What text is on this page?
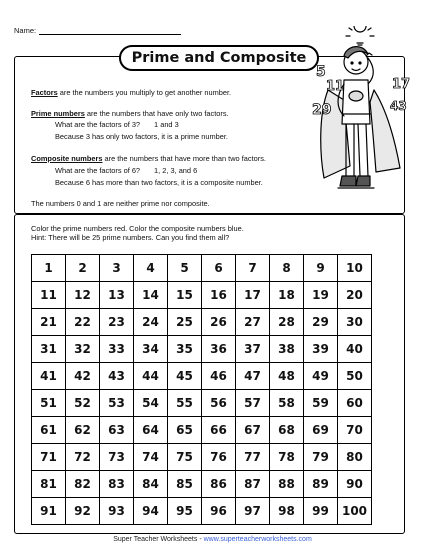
Name:
Prime and Composite
Factors are the numbers you multiply to get another number.
Prime numbers are the numbers that have only two factors.
What are the factors of 3? 1 and 3
Because 3 has only two factors, it is a prime number.
Composite numbers are the numbers that have more than two factors.
What are the factors of 6? 1, 2, 3, and 6
Because 6 has more than two factors, it is a composite number.
The numbers 0 and 1 are neither prime nor composite.
5
11	17
29	43
Color the prime numbers red. Color the composite numbers blue.
Hint: There will be 25 prime numbers. Can you find them all?
1	2	3	4	5	6	7	8	9	10
11	12	13	14	15	16	17	18	19	20
21	22	23	24	25	26	27	28	29	30
31	32	33	34	35	36	37	38	39	40
41	42	43	44	45	46	47	48	49	50
51	52	53	54	55	56	57	58	59	60
61	62	63	64	65	66	67	68	69	70
71	72	73	74	75	76	77	78	79	80
81	82	83	84	85	86	87	88	89	90
91	92	93	94	95	96	97	98	99	100
Super Teacher Worksheets - www.superteacherworksheets.com
